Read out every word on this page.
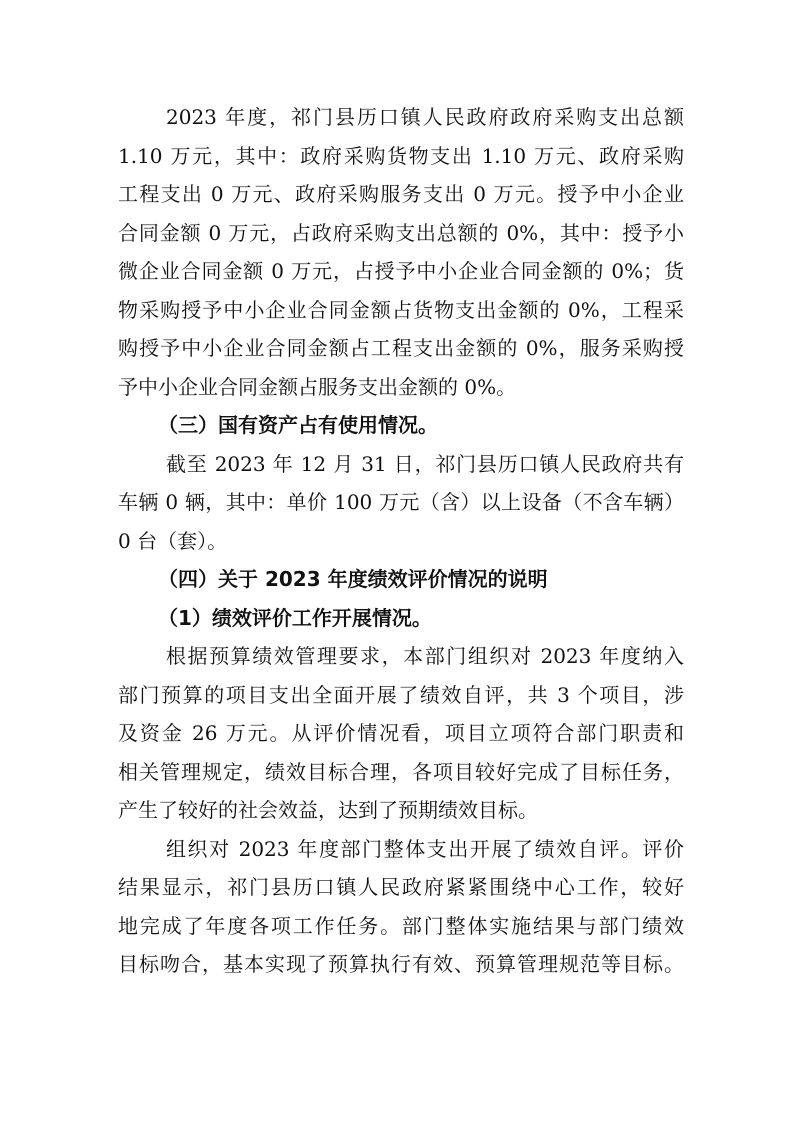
2023 年度，祁门县历口镇人民政府政府采购支出总额
1.10 万元，其中：政府采购货物支出 1.10 万元、政府采购
工程支出 0 万元、政府采购服务支出 0 万元。授予中小企业
合同金额 0 万元，占政府采购支出总额的 0%，其中：授予小
微企业合同金额 0 万元，占授予中小企业合同金额的 0%；货
物采购授予中小企业合同金额占货物支出金额的 0%，工程采
购授予中小企业合同金额占工程支出金额的 0%，服务采购授
予中小企业合同金额占服务支出金额的 0%。
（三）国有资产占有使用情况。
截至 2023 年 12 月 31 日，祁门县历口镇人民政府共有
车辆 0 辆，其中：单价 100 万元（含）以上设备（不含车辆）
0 台（套）。
（四）关于 2023 年度绩效评价情况的说明
（1）绩效评价工作开展情况。
根据预算绩效管理要求，本部门组织对 2023 年度纳入
部门预算的项目支出全面开展了绩效自评，共 3 个项目，涉
及资金 26 万元。从评价情况看，项目立项符合部门职责和
相关管理规定，绩效目标合理，各项目较好完成了目标任务，
产生了较好的社会效益，达到了预期绩效目标。
组织对 2023 年度部门整体支出开展了绩效自评。评价
结果显示，祁门县历口镇人民政府紧紧围绕中心工作，较好
地完成了年度各项工作任务。部门整体实施结果与部门绩效
目标吻合，基本实现了预算执行有效、预算管理规范等目标。
